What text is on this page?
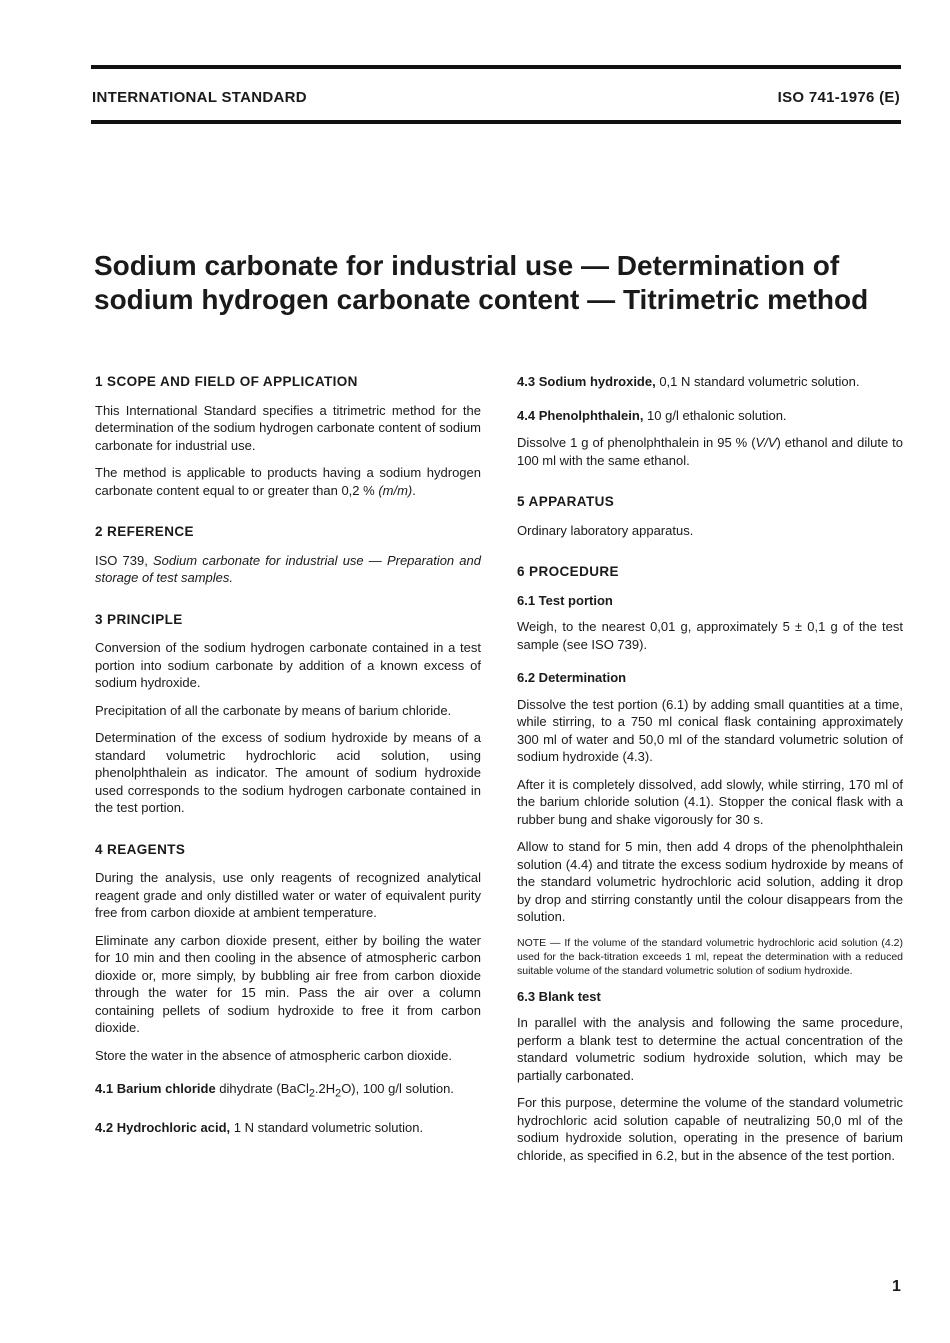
INTERNATIONAL STANDARD	ISO 741-1976 (E)
Sodium carbonate for industrial use — Determination of
sodium hydrogen carbonate content — Titrimetric method
1 SCOPE AND FIELD OF APPLICATION
This International Standard specifies a titrimetric method for the determination of the sodium hydrogen carbonate content of sodium carbonate for industrial use.
The method is applicable to products having a sodium hydrogen carbonate content equal to or greater than 0,2 % (m/m).
2 REFERENCE
ISO 739, Sodium carbonate for industrial use — Preparation and storage of test samples.
3 PRINCIPLE
Conversion of the sodium hydrogen carbonate contained in a test portion into sodium carbonate by addition of a known excess of sodium hydroxide.
Precipitation of all the carbonate by means of barium chloride.
Determination of the excess of sodium hydroxide by means of a standard volumetric hydrochloric acid solution, using phenolphthalein as indicator. The amount of sodium hydroxide used corresponds to the sodium hydrogen carbonate contained in the test portion.
4 REAGENTS
During the analysis, use only reagents of recognized analytical reagent grade and only distilled water or water of equivalent purity free from carbon dioxide at ambient temperature.
Eliminate any carbon dioxide present, either by boiling the water for 10 min and then cooling in the absence of atmospheric carbon dioxide or, more simply, by bubbling air free from carbon dioxide through the water for 15 min. Pass the air over a column containing pellets of sodium hydroxide to free it from carbon dioxide.
Store the water in the absence of atmospheric carbon dioxide.
4.1 Barium chloride dihydrate $(BaCl_2.2H_2O)$, 100 g/l solution.
4.2 Hydrochloric acid, 1 N standard volumetric solution.
4.3 Sodium hydroxide, 0,1 N standard volumetric solution.
4.4 Phenolphthalein, 10 g/l ethalonic solution.
Dissolve 1 g of phenolphthalein in 95 % (V/V) ethanol and dilute to 100 ml with the same ethanol.
5 APPARATUS
Ordinary laboratory apparatus.
6 PROCEDURE
6.1 Test portion
Weigh, to the nearest 0,01 g, approximately 5 ± 0,1 g of the test sample (see ISO 739).
6.2 Determination
Dissolve the test portion (6.1) by adding small quantities at a time, while stirring, to a 750 ml conical flask containing approximately 300 ml of water and 50,0 ml of the standard volumetric solution of sodium hydroxide (4.3).
After it is completely dissolved, add slowly, while stirring, 170 ml of the barium chloride solution (4.1). Stopper the conical flask with a rubber bung and shake vigorously for 30 s.
Allow to stand for 5 min, then add 4 drops of the phenolphthalein solution (4.4) and titrate the excess sodium hydroxide by means of the standard volumetric hydrochloric acid solution, adding it drop by drop and stirring constantly until the colour disappears from the solution.
NOTE — If the volume of the standard volumetric hydrochloric acid solution (4.2) used for the back-titration exceeds 1 ml, repeat the determination with a reduced suitable volume of the standard volumetric solution of sodium hydroxide.
6.3 Blank test
In parallel with the analysis and following the same procedure, perform a blank test to determine the actual concentration of the standard volumetric sodium hydroxide solution, which may be partially carbonated.
For this purpose, determine the volume of the standard volumetric hydrochloric acid solution capable of neutralizing 50,0 ml of the sodium hydroxide solution, operating in the presence of barium chloride, as specified in 6.2, but in the absence of the test portion.
1
